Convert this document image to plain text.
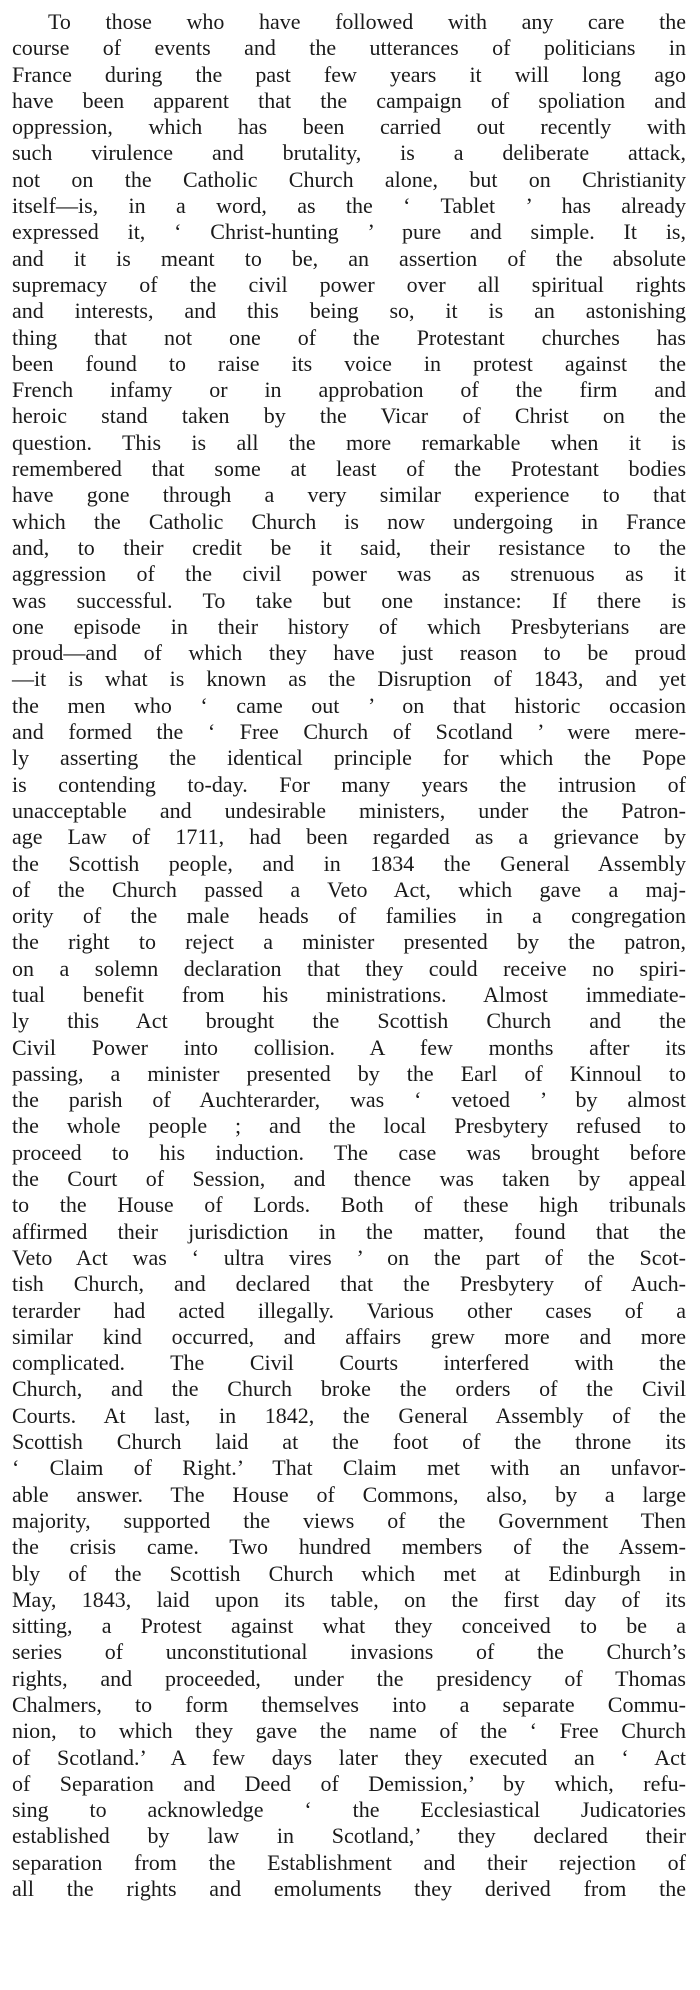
To those who have followed with any care the
course of events and the utterances of politicians in
France during the past few years it will long ago
have been apparent that the campaign of spoliation and
oppression, which has been carried out recently with
such virulence and brutality, is a deliberate attack,
not on the Catholic Church alone, but on Christianity
itself—is, in a word, as the ‘ Tablet ’ has already
expressed it, ‘ Christ-hunting ’ pure and simple. It is,
and it is meant to be, an assertion of the absolute
supremacy of the civil power over all spiritual rights
and interests, and this being so, it is an astonishing
thing that not one of the Protestant churches has
been found to raise its voice in protest against the
French infamy or in approbation of the firm and
heroic stand taken by the Vicar of Christ on the
question. This is all the more remarkable when it is
remembered that some at least of the Protestant bodies
have gone through a very similar experience to that
which the Catholic Church is now undergoing in France
and, to their credit be it said, their resistance to the
aggression of the civil power was as strenuous as it
was successful. To take but one instance: If there is
one episode in their history of which Presbyterians are
proud—and of which they have just reason to be proud
—it is what is known as the Disruption of 1843, and yet
the men who ‘ came out ’ on that historic occasion
and formed the ‘ Free Church of Scotland ’ were mere-
ly asserting the identical principle for which the Pope
is contending to-day. For many years the intrusion of
unacceptable and undesirable ministers, under the Patron-
age Law of 1711, had been regarded as a grievance by
the Scottish people, and in 1834 the General Assembly
of the Church passed a Veto Act, which gave a maj-
ority of the male heads of families in a congregation
the right to reject a minister presented by the patron,
on a solemn declaration that they could receive no spiri-
tual benefit from his ministrations. Almost immediate-
ly this Act brought the Scottish Church and the
Civil Power into collision. A few months after its
passing, a minister presented by the Earl of Kinnoul to
the parish of Auchterarder, was ‘ vetoed ’ by almost
the whole people ; and the local Presbytery refused to
proceed to his induction. The case was brought before
the Court of Session, and thence was taken by appeal
to the House of Lords. Both of these high tribunals
affirmed their jurisdiction in the matter, found that the
Veto Act was ‘ ultra vires ’ on the part of the Scot-
tish Church, and declared that the Presbytery of Auch-
terarder had acted illegally. Various other cases of a
similar kind occurred, and affairs grew more and more
complicated. The Civil Courts interfered with the
Church, and the Church broke the orders of the Civil
Courts. At last, in 1842, the General Assembly of the
Scottish Church laid at the foot of the throne its
‘ Claim of Right.’ That Claim met with an unfavor-
able answer. The House of Commons, also, by a large
majority, supported the views of the Government Then
the crisis came. Two hundred members of the Assem-
bly of the Scottish Church which met at Edinburgh in
May, 1843, laid upon its table, on the first day of its
sitting, a Protest against what they conceived to be a
series of unconstitutional invasions of the Church’s
rights, and proceeded, under the presidency of Thomas
Chalmers, to form themselves into a separate Commu-
nion, to which they gave the name of the ‘ Free Church
of Scotland.’ A few days later they executed an ‘ Act
of Separation and Deed of Demission,’ by which, refu-
sing to acknowledge ‘ the Ecclesiastical Judicatories
established by law in Scotland,’ they declared their
separation from the Establishment and their rejection of
all the rights and emoluments they derived from the
